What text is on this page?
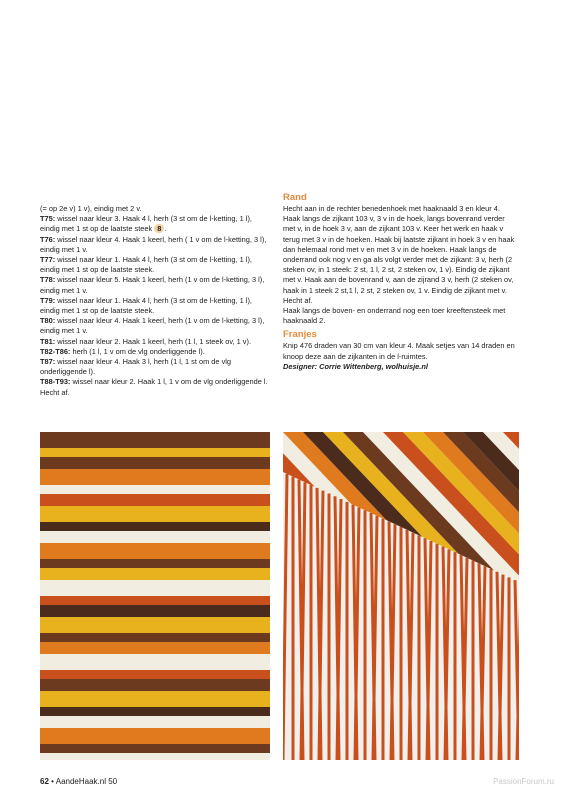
(= op 2e v) 1 v), eindig met 2 v.

T75: wissel naar kleur 3. Haak 4 l, herh (3 st om de l-ketting, 1 l), eindig met 1 st op de laatste steek 8 .

T76: wissel naar kleur 4. Haak 1 keerl, herh ( 1 v om de l-ketting, 3 l), eindig met 1 v.

T77: wissel naar kleur 1. Haak 4 l, herh (3 st om de l-ketting, 1 l), eindig met 1 st op de laatste steek.

T78: wissel naar kleur 5. Haak 1 keerl, herh (1 v om de l-ketting, 3 l), eindig met 1 v.

T79: wissel naar kleur 1. Haak 4 l, herh (3 st om de l-ketting, 1 l), eindig met 1 st op de laatste steek.

T80: wissel naar kleur 4. Haak 1 keerl, herh (1 v om de l-ketting, 3 l), eindig met 1 v.

T81: wissel naar kleur 2. Haak 1 keerl, herh (1 l, 1 steek ov, 1 v).

T82-T86: herh (1 l, 1 v om de vlg onderliggende l).

T87: wissel naar kleur 4. Haak 3 l, herh (1 l, 1 st om de vlg onderliggende l).

T88-T93: wissel naar kleur 2. Haak 1 l, 1 v om de vlg onderliggende l. Hecht af.

Rand

Hecht aan in de rechter benedenhoek met haaknaald 3 en kleur 4. Haak langs de zijkant 103 v, 3 v in de hoek, langs bovenrand verder met v, in de hoek 3 v, aan de zijkant 103 v. Keer het werk en haak v terug met 3 v in de hoeken. Haak bij laatste zijkant in hoek 3 v en haak dan helemaal rond met v en met 3 v in de hoeken. Haak langs de onderrand ook nog v en ga als volgt verder met de zijkant: 3 v, herh (2 steken ov, in 1 steek: 2 st, 1 l, 2 st, 2 steken ov, 1 v). Eindig de zijkant met v. Haak aan de bovenrand v, aan de zijrand 3 v, herh (2 steken ov, haak in 1 steek 2 st,1 l, 2 st, 2 steken ov, 1 v. Eindig de zijkant met v. Hecht af.

Haak langs de boven- en onderrand nog een toer kreeftensteek met haaknaald 2.

Franjes

Knip 476 draden van 30 cm van kleur 4. Maak setjes van 14 draden en knoop deze aan de zijkanten in de l-ruimtes.

Designer: Corrie Wittenberg, wolhuisje.nl

62 • AandeHaak.nl 50	PassionForum.ru
